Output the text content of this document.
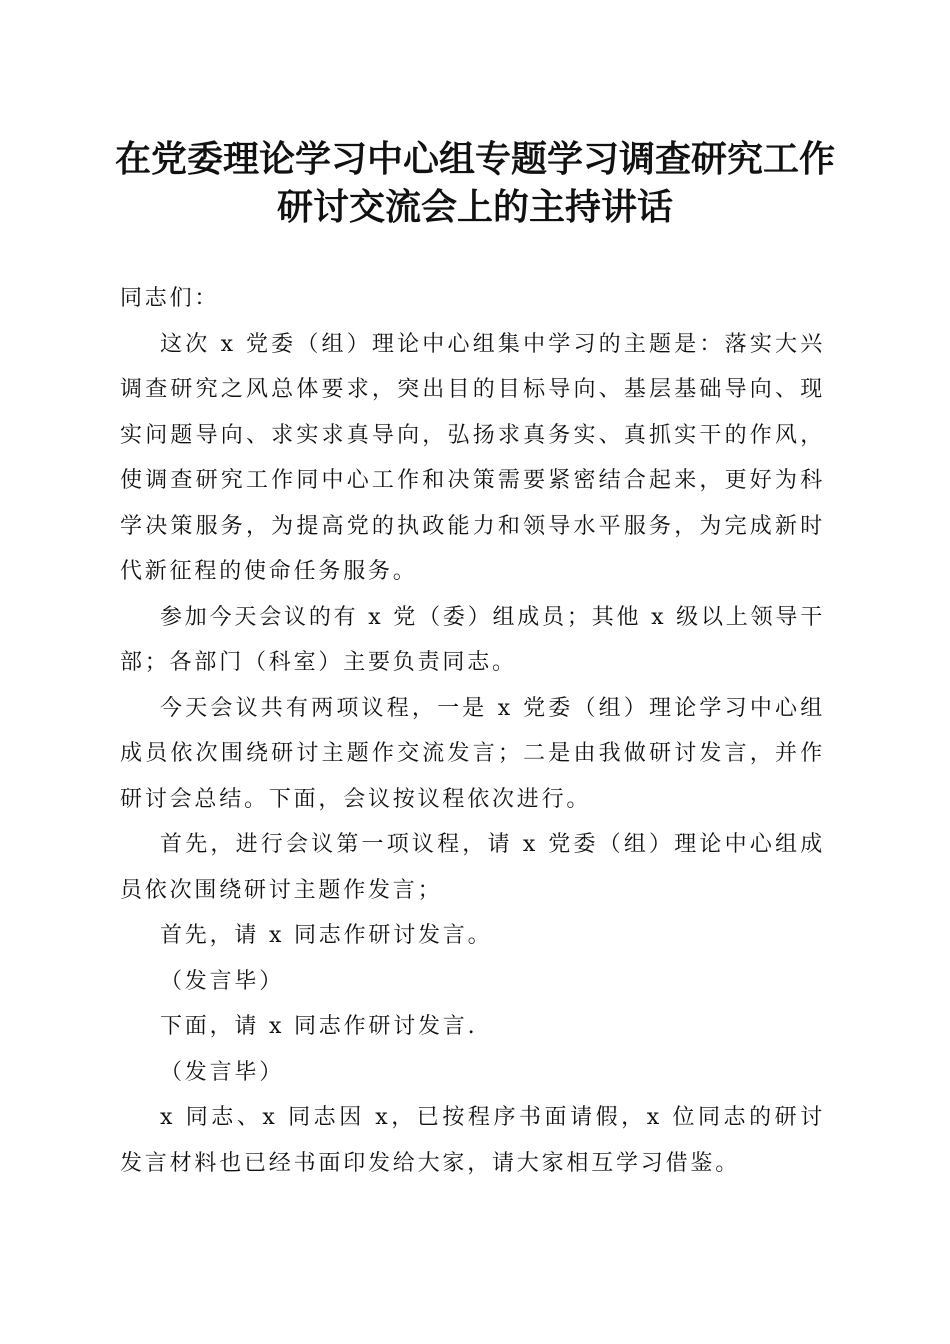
在党委理论学习中心组专题学习调查研究工作
研讨交流会上的主持讲话

同志们：

这次 x 党委（组）理论中心组集中学习的主题是：落实大兴调查研究之风总体要求，突出目的目标导向、基层基础导向、现实问题导向、求实求真导向，弘扬求真务实、真抓实干的作风，使调查研究工作同中心工作和决策需要紧密结合起来，更好为科学决策服务，为提高党的执政能力和领导水平服务，为完成新时代新征程的使命任务服务。

参加今天会议的有 x 党（委）组成员；其他 x 级以上领导干部；各部门（科室）主要负责同志。

今天会议共有两项议程，一是 x 党委（组）理论学习中心组成员依次围绕研讨主题作交流发言；二是由我做研讨发言，并作研讨会总结。下面，会议按议程依次进行。

首先，进行会议第一项议程，请 x 党委（组）理论中心组成员依次围绕研讨主题作发言；

首先，请 x 同志作研讨发言。

（发言毕）

下面，请 x 同志作研讨发言.

（发言毕）

x 同志、x 同志因 x，已按程序书面请假，x 位同志的研讨发言材料也已经书面印发给大家，请大家相互学习借鉴。
